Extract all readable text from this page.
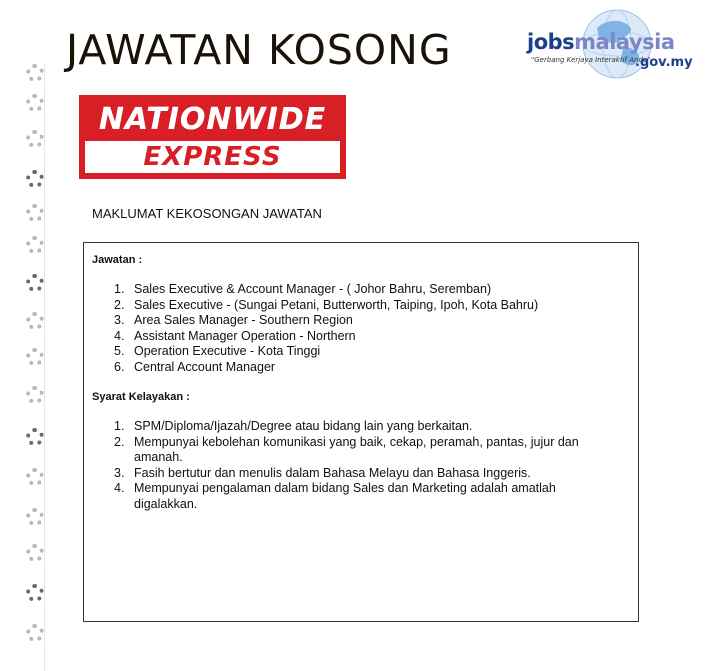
JAWATAN KOSONG	jobsmalaysia
"Gerbang Kerjaya Interaktif Anda"
.gov.my
NATIONWIDE
EXPRESS
MAKLUMAT KEKOSONGAN JAWATAN
Jawatan :
1. Sales Executive & Account Manager - ( Johor Bahru, Seremban)
2. Sales Executive - (Sungai Petani, Butterworth, Taiping, Ipoh, Kota Bahru)
3. Area Sales Manager - Southern Region
4. Assistant Manager Operation - Northern
5. Operation Executive - Kota Tinggi
6. Central Account Manager
Syarat Kelayakan :
1. SPM/Diploma/Ijazah/Degree atau bidang lain yang berkaitan.
2. Mempunyai kebolehan komunikasi yang baik, cekap, peramah, pantas, jujur dan amanah.
3. Fasih bertutur dan menulis dalam Bahasa Melayu dan Bahasa Inggeris.
4. Mempunyai pengalaman dalam bidang Sales dan Marketing adalah amatlah digalakkan.
